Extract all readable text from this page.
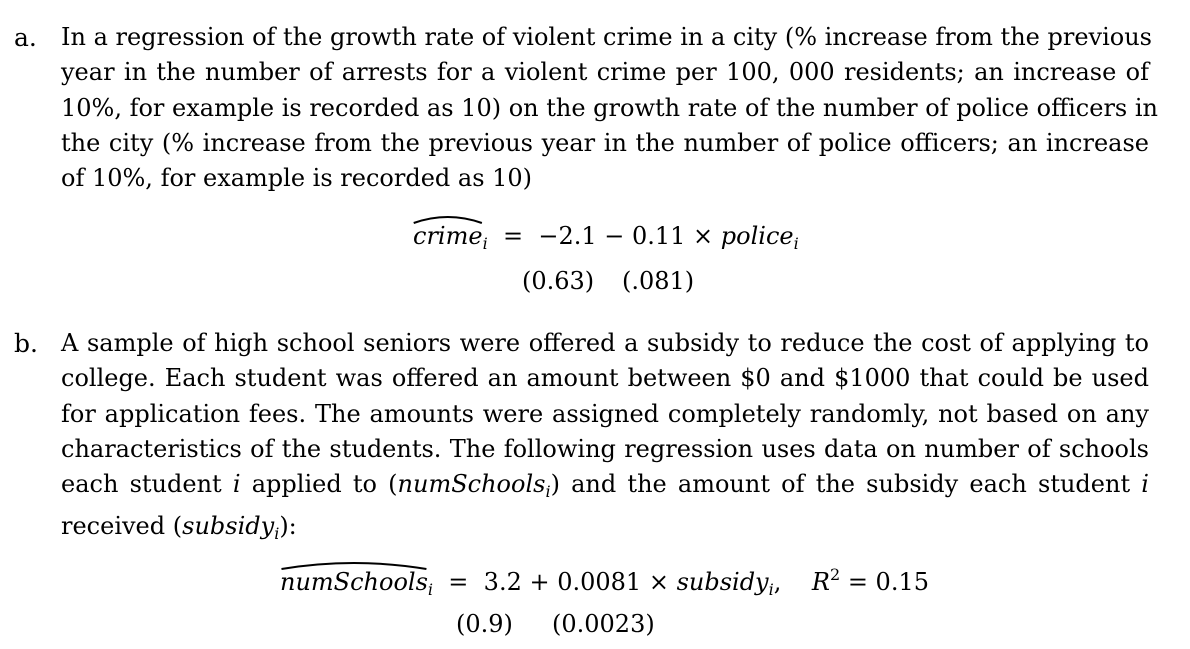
a. In a regression of the growth rate of violent crime in a city (% increase from the previous
year in the number of arrests for a violent crime per 100, 000 residents; an increase of
10%, for example is recorded as 10) on the growth rate of the number of police officers in
the city (% increase from the previous year in the number of police officers; an increase
of 10%, for example is recorded as 10)
crime$_i$ = −2.1 − 0.11 × police$_i$
(0.63) (.081)
b. A sample of high school seniors were offered a subsidy to reduce the cost of applying to
college. Each student was offered an amount between $0 and $1000 that could be used
for application fees. The amounts were assigned completely randomly, not based on any
characteristics of the students. The following regression uses data on number of schools
each student i applied to (numSchools$_i$) and the amount of the subsidy each student i
received (subsidy$_i$):
numSchools$_i$ = 3.2 + 0.0081 × subsidy$_i$, $R^2 = 0.15$
(0.9) (0.0023)
